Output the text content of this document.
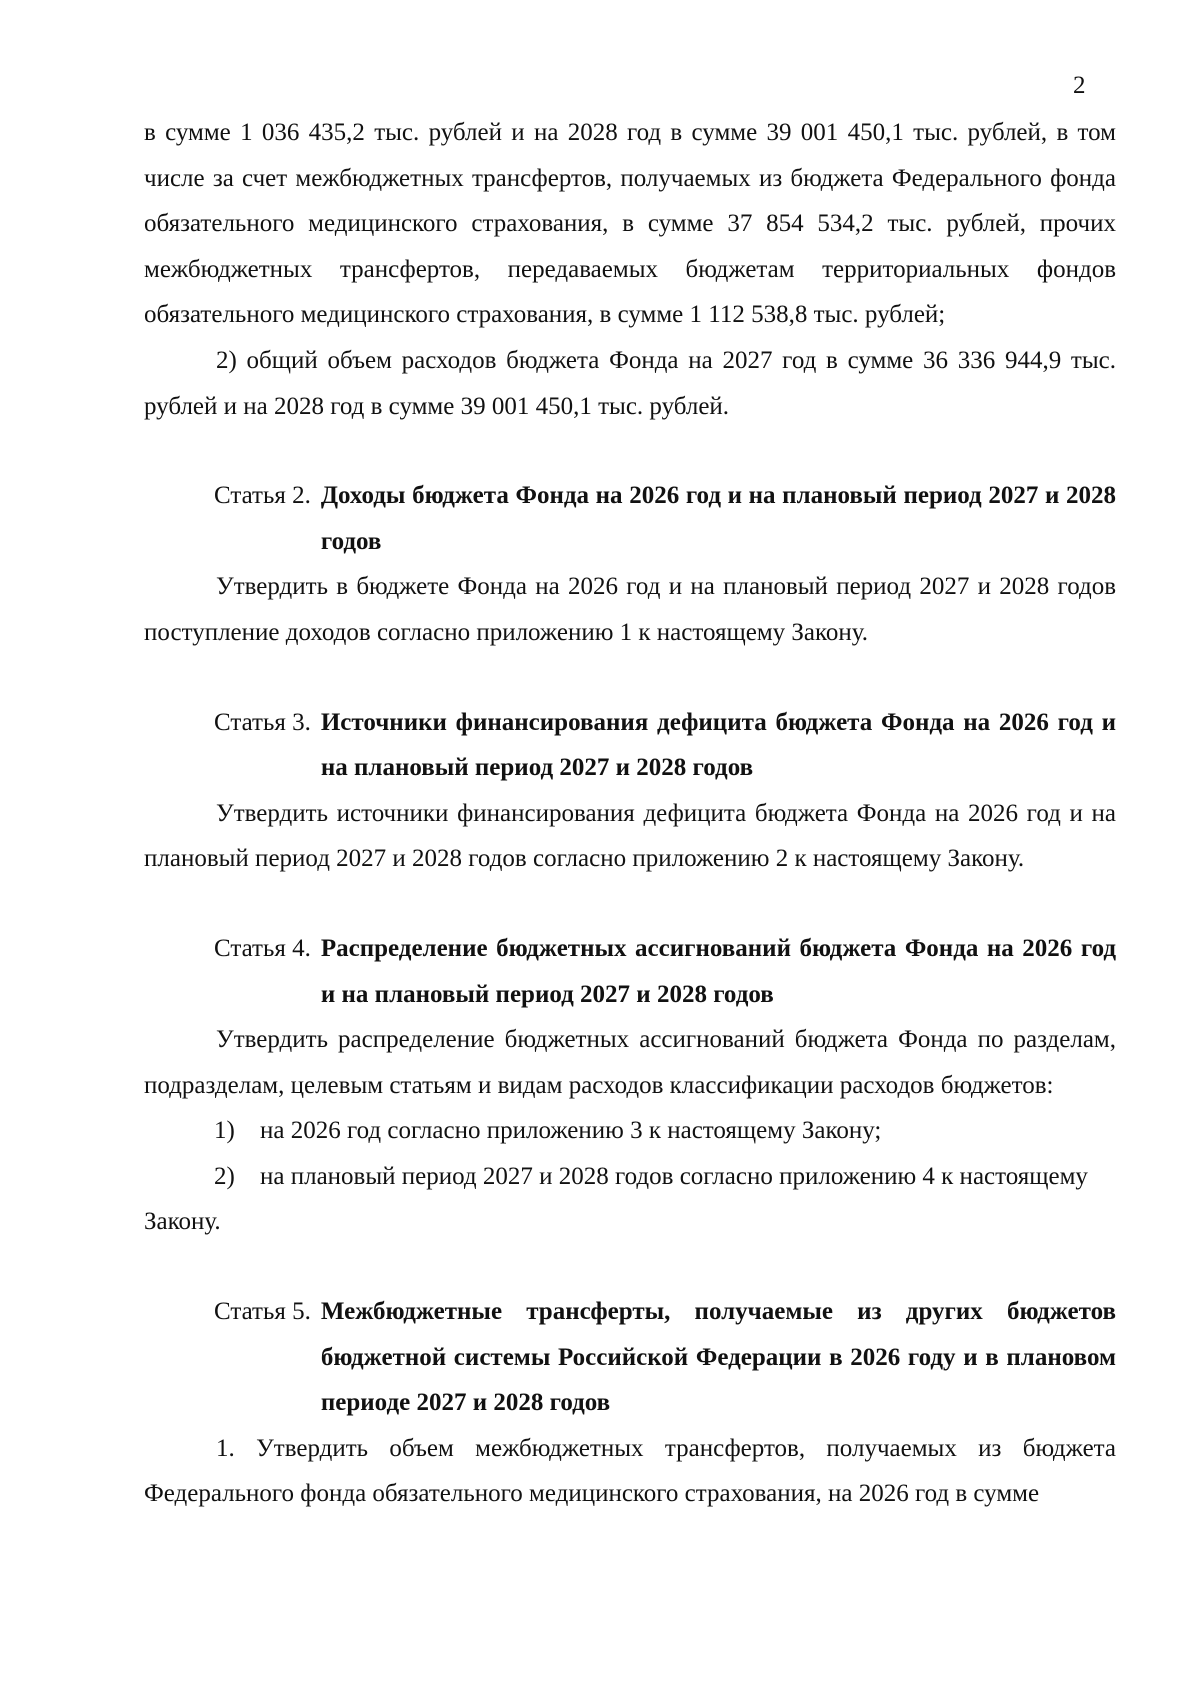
2

в сумме 1 036 435,2 тыс. рублей и на 2028 год в сумме 39 001 450,1 тыс. рублей, в том числе за счет межбюджетных трансфертов, получаемых из бюджета Федерального фонда обязательного медицинского страхования, в сумме 37 854 534,2 тыс. рублей, прочих межбюджетных трансфертов, передаваемых бюджетам территориальных фондов обязательного медицинского страхования, в сумме 1 112 538,8 тыс. рублей;

2) общий объем расходов бюджета Фонда на 2027 год в сумме 36 336 944,9 тыс. рублей и на 2028 год в сумме 39 001 450,1 тыс. рублей.

Статья 2. Доходы бюджета Фонда на 2026 год и на плановый период 2027 и 2028 годов

Утвердить в бюджете Фонда на 2026 год и на плановый период 2027 и 2028 годов поступление доходов согласно приложению 1 к настоящему Закону.

Статья 3. Источники финансирования дефицита бюджета Фонда на 2026 год и на плановый период 2027 и 2028 годов

Утвердить источники финансирования дефицита бюджета Фонда на 2026 год и на плановый период 2027 и 2028 годов согласно приложению 2 к настоящему Закону.

Статья 4. Распределение бюджетных ассигнований бюджета Фонда на 2026 год и на плановый период 2027 и 2028 годов

Утвердить распределение бюджетных ассигнований бюджета Фонда по разделам, подразделам, целевым статьям и видам расходов классификации расходов бюджетов:

1)	на 2026 год согласно приложению 3 к настоящему Закону;
2)	на плановый период 2027 и 2028 годов согласно приложению 4 к настоящему

Закону.

Статья 5. Межбюджетные трансферты, получаемые из других бюджетов бюджетной системы Российской Федерации в 2026 году и в плановом периоде 2027 и 2028 годов

1. Утвердить объем межбюджетных трансфертов, получаемых из бюджета Федерального фонда обязательного медицинского страхования, на 2026 год в сумме
